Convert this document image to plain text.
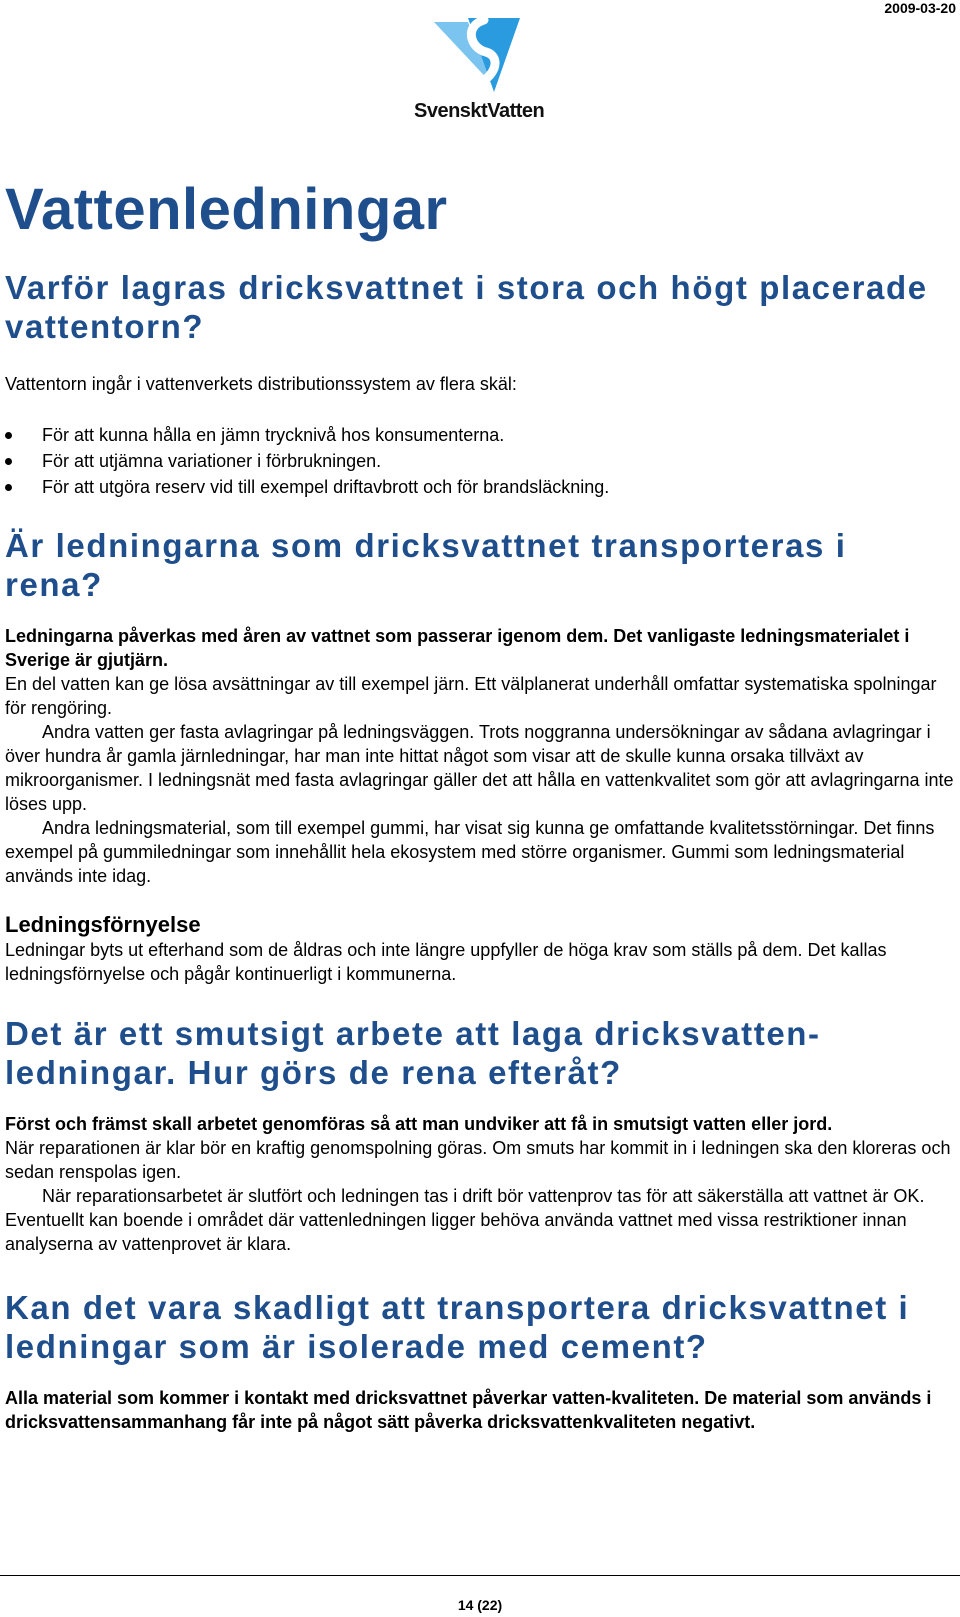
2009-03-20
SvensktVatten
Vattenledningar
Varför lagras dricksvattnet i stora och högt placerade vattentorn?

Vattentorn ingår i vattenverkets distributionssystem av flera skäl:

För att kunna hålla en jämn trycknivå hos konsumenterna.
För att utjämna variationer i förbrukningen.
För att utgöra reserv vid till exempel driftavbrott och för brandsläckning.
Är ledningarna som dricksvattnet transporteras i rena?

Ledningarna påverkas med åren av vattnet som passerar igenom dem. Det vanligaste ledningsmaterialet i Sverige är gjutjärn.

En del vatten kan ge lösa avsättningar av till exempel järn. Ett välplanerat underhåll omfattar systematiska spolningar för rengöring.

Andra vatten ger fasta avlagringar på ledningsväggen. Trots noggranna undersökningar av sådana avlagringar i över hundra år gamla järnledningar, har man inte hittat något som visar att de skulle kunna orsaka tillväxt av mikroorganismer. I ledningsnät med fasta avlagringar gäller det att hålla en vattenkvalitet som gör att avlagringarna inte löses upp.

Andra ledningsmaterial, som till exempel gummi, har visat sig kunna ge omfattande kvalitetsstörningar. Det finns exempel på gummiledningar som innehållit hela ekosystem med större organismer. Gummi som ledningsmaterial används inte idag.

Ledningsförnyelse

Ledningar byts ut efterhand som de åldras och inte längre uppfyller de höga krav som ställs på dem. Det kallas ledningsförnyelse och pågår kontinuerligt i kommunerna.

Det är ett smutsigt arbete att laga dricksvatten-ledningar. Hur görs de rena efteråt?

Först och främst skall arbetet genomföras så att man undviker att få in smutsigt vatten eller jord.

När reparationen är klar bör en kraftig genomspolning göras. Om smuts har kommit in i ledningen ska den kloreras och sedan renspolas igen.

När reparationsarbetet är slutfört och ledningen tas i drift bör vattenprov tas för att säkerställa att vattnet är OK. Eventuellt kan boende i området där vattenledningen ligger behöva använda vattnet med vissa restriktioner innan analyserna av vattenprovet är klara.

Kan det vara skadligt att transportera dricksvattnet i ledningar som är isolerade med cement?

Alla material som kommer i kontakt med dricksvattnet påverkar vatten-kvaliteten. De material som används i dricksvattensammanhang får inte på något sätt påverka dricksvattenkvaliteten negativt.

14 (22)
